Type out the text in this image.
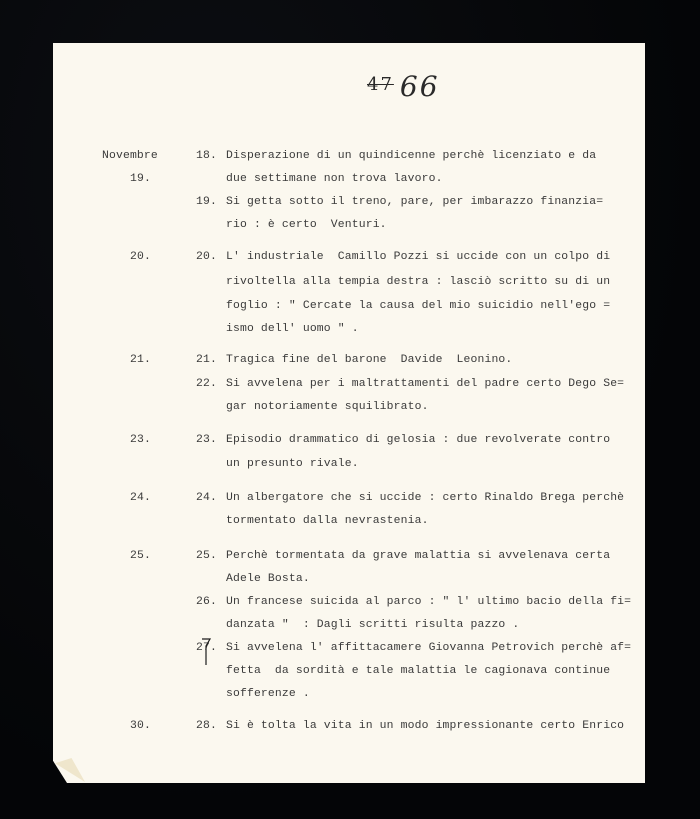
$^{47}$ 66
Novembre
19.
20.
21.
23.
24.
25.
30.
18. Disperazione di un quindicenne perchè licenziato e da
due settimane non trova lavoro.
19. Si getta sotto il treno, pare, per imbarazzo finanzia=
rio : è certo  Venturi.
20. L' industriale  Camillo Pozzi si uccide con un colpo di
rivoltella alla tempia destra : lasciò scritto su di un
foglio : " Cercate la causa del mio suicidio nell'ego =
ismo dell' uomo " .
21. Tragica fine del barone  Davide  Leonino.
22. Si avvelena per i maltrattamenti del padre certo Dego Se=
gar notoriamente squilibrato.
23. Episodio drammatico di gelosia : due revolverate contro
un presunto rivale.
24. Un albergatore che si uccide : certo Rinaldo Brega perchè
tormentato dalla nevrastenia.
25. Perchè tormentata da grave malattia si avvelenava certa
Adele Bosta.
26. Un francese suicida al parco : " l' ultimo bacio della fi=
danzata "  : Dagli scritti risulta pazzo .
27. Si avvelena l' affittacamere Giovanna Petrovich perchè af=
fetta  da sordità e tale malattia le cagionava continue
sofferenze .
28. Si è tolta la vita in un modo impressionante certo Enrico
